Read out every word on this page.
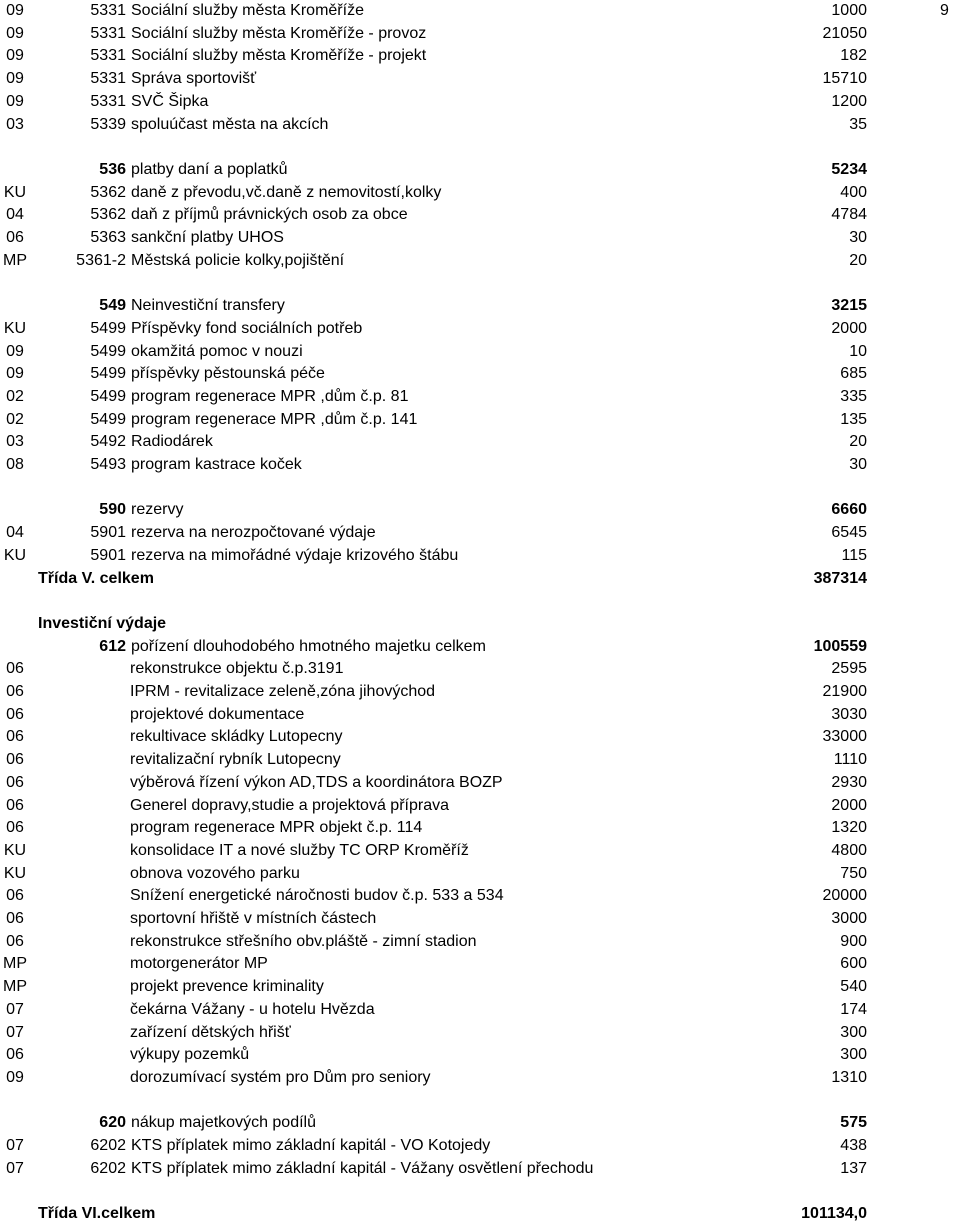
09	5331 Sociální služby města Kroměříže	1000	9
09	5331 Sociální služby města Kroměříže - provoz	21050
09	5331 Sociální služby města Kroměříže - projekt	182
09	5331 Správa sportovišť	15710
09	5331 SVČ Šipka	1200
03	5339 spoluúčast města na akcích	35
536 platby daní a poplatků	5234
KU	5362 daně z převodu,vč.daně z nemovitostí,kolky	400
04	5362 daň z příjmů právnických osob za obce	4784
06	5363 sankční platby UHOS	30
MP	5361-2 Městská policie kolky,pojištění	20
549 Neinvestiční transfery	3215
KU	5499 Příspěvky fond sociálních potřeb	2000
09	5499 okamžitá pomoc v nouzi	10
09	5499 příspěvky pěstounská péče	685
02	5499 program regenerace MPR ,dům č.p. 81	335
02	5499 program regenerace MPR ,dům č.p. 141	135
03	5492 Radiodárek	20
08	5493 program kastrace koček	30
590 rezervy	6660
04	5901 rezerva na nerozpočtované výdaje	6545
KU	5901 rezerva na mimořádné výdaje krizového štábu	115
Třída V. celkem	387314
Investiční výdaje
612 pořízení dlouhodobého hmotného majetku celkem	100559
06	rekonstrukce objektu č.p.3191	2595
06	IPRM - revitalizace zeleně,zóna jihovýchod	21900
06	projektové dokumentace	3030
06	rekultivace skládky Lutopecny	33000
06	revitalizační rybník Lutopecny	1110
06	výběrová řízení výkon AD,TDS a koordinátora BOZP	2930
06	Generel dopravy,studie a projektová příprava	2000
06	program regenerace MPR objekt č.p. 114	1320
KU	konsolidace IT a nové služby TC ORP Kroměříž	4800
KU	obnova vozového parku	750
06	Snížení energetické náročnosti budov č.p. 533 a 534	20000
06	sportovní hřiště v místních částech	3000
06	rekonstrukce střešního obv.pláště - zimní stadion	900
MP	motorgenerátor MP	600
MP	projekt prevence kriminality	540
07	čekárna Vážany - u hotelu Hvězda	174
07	zařízení dětských hřišť	300
06	výkupy pozemků	300
09	dorozumívací systém pro Dům pro seniory	1310
620 nákup majetkových podílů	575
07	6202 KTS příplatek mimo základní kapitál - VO Kotojedy	438
07	6202 KTS příplatek mimo základní kapitál - Vážany osvětlení přechodu	137
Třída VI.celkem	101134,0
